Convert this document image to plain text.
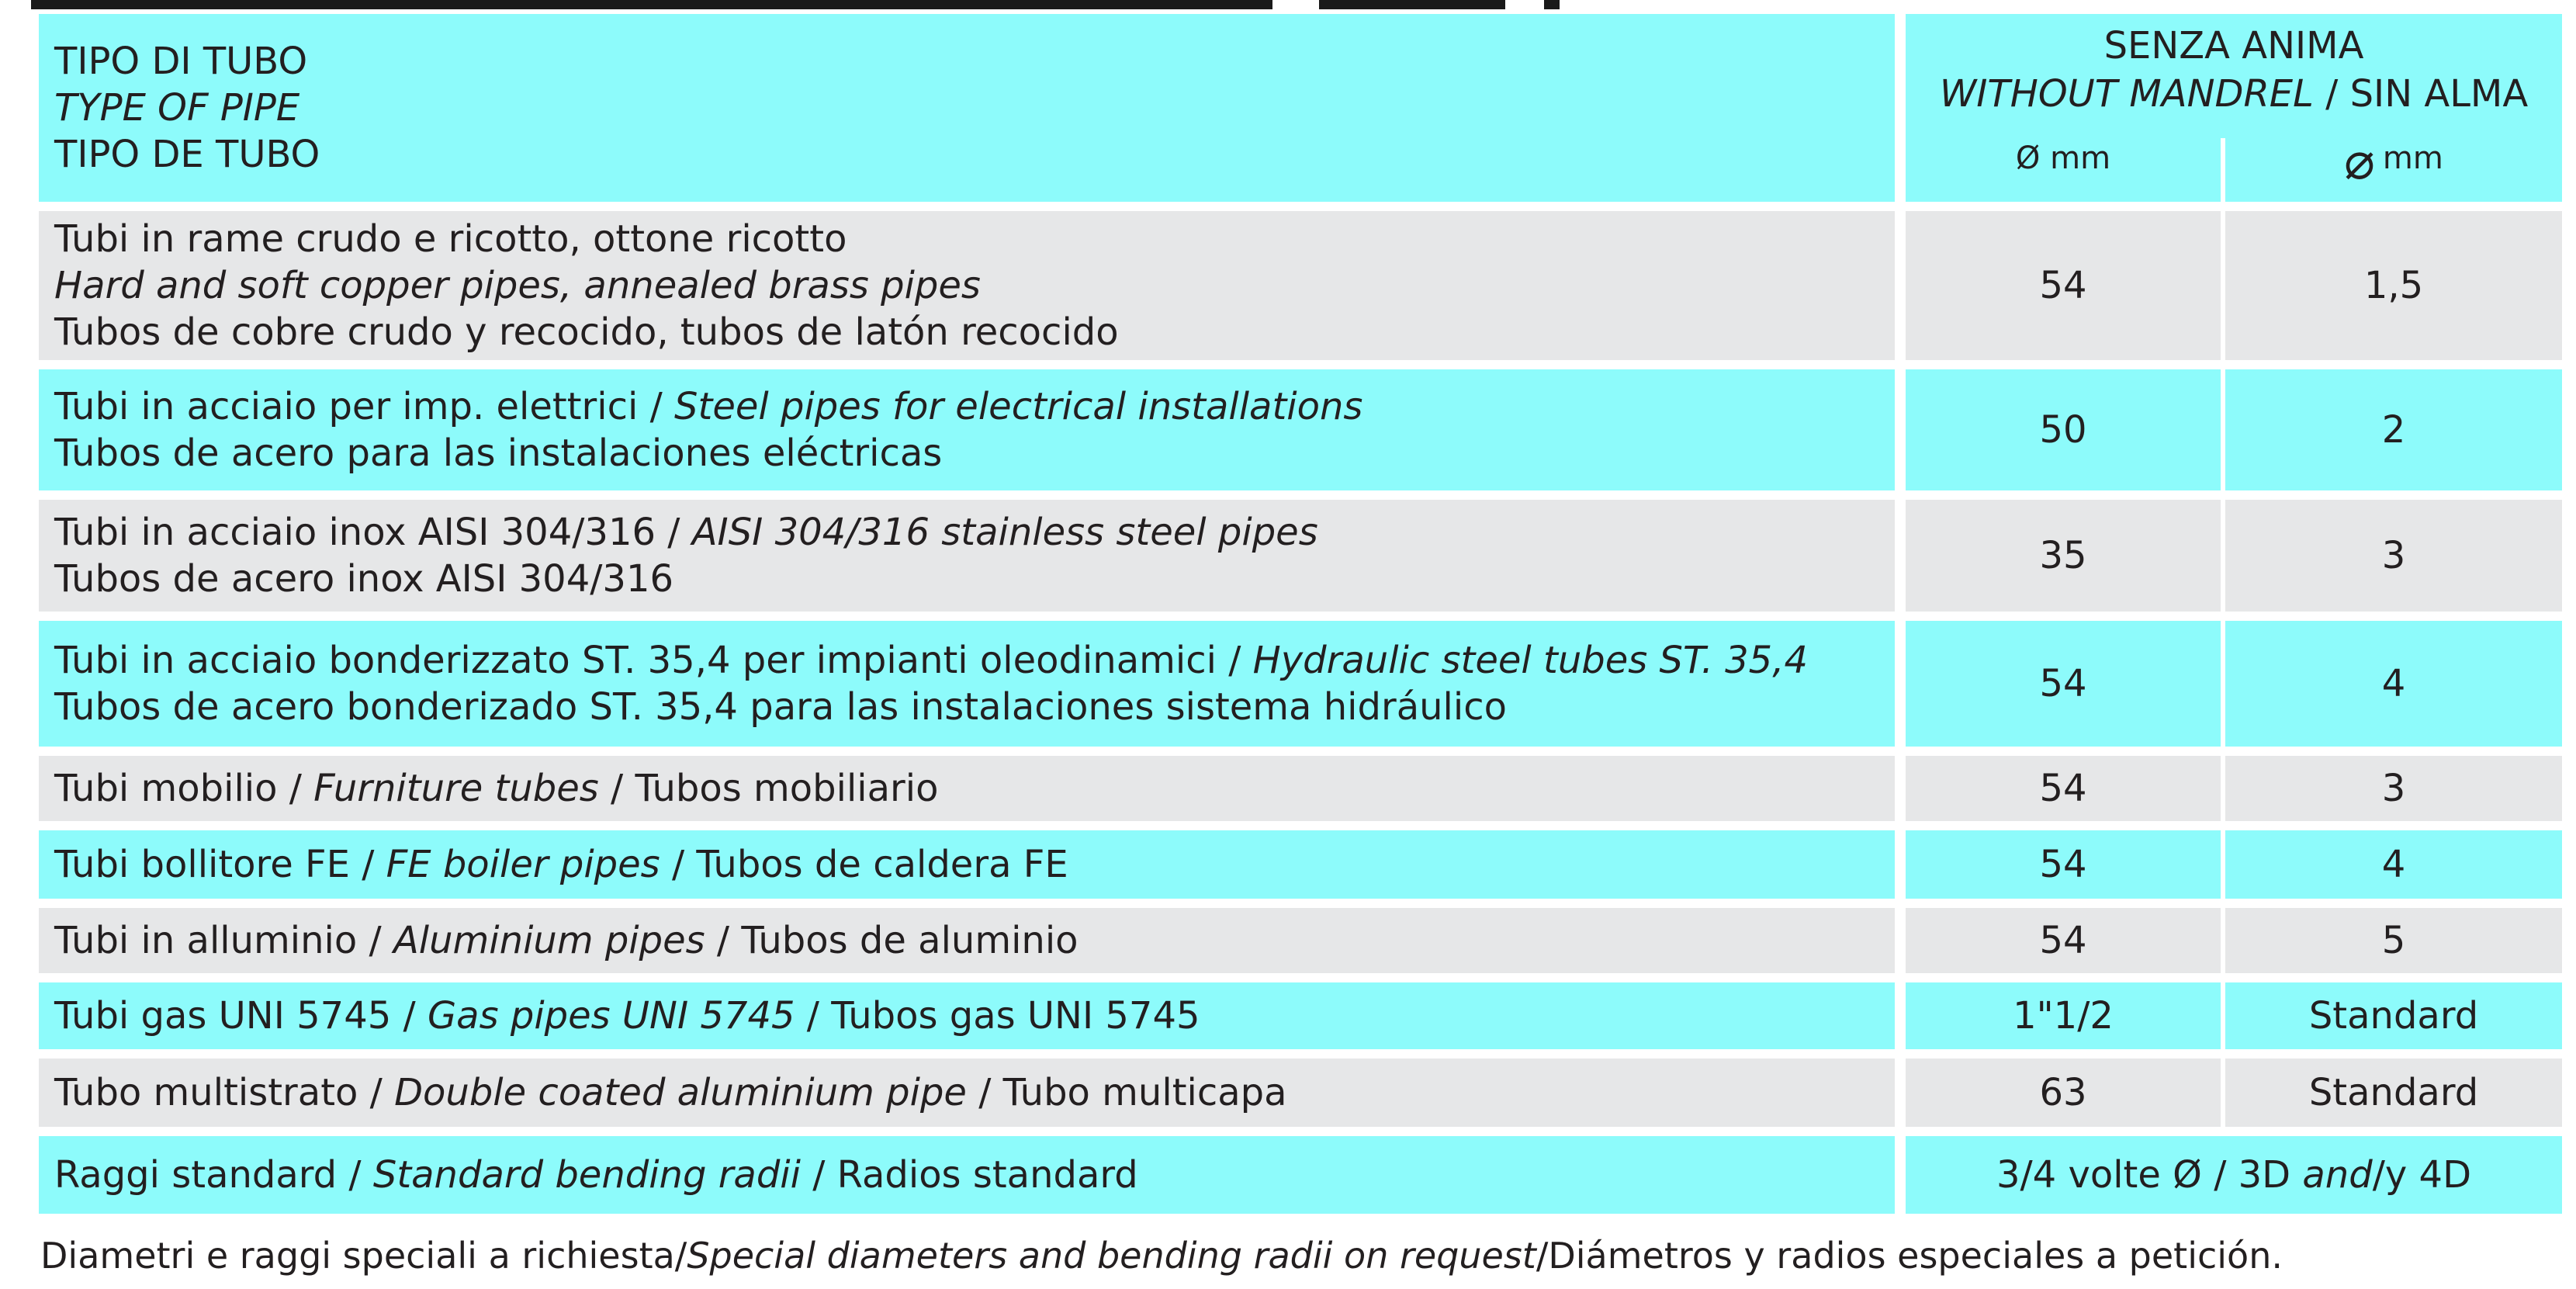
TIPO DI TUBO
TYPE OF PIPE
TIPO DE TUBO
SENZA ANIMA
WITHOUT MANDREL / SIN ALMA
Ø mm	⌀ mm
Tubi in rame crudo e ricotto, ottone ricotto
Hard and soft copper pipes, annealed brass pipes
Tubos de cobre crudo y recocido, tubos de latón recocido
54	1,5
Tubi in acciaio per imp. elettrici / Steel pipes for electrical installations
Tubos de acero para las instalaciones eléctricas
50	2
Tubi in acciaio inox AISI 304/316 / AISI 304/316 stainless steel pipes
Tubos de acero inox AISI 304/316
35	3
Tubi in acciaio bonderizzato ST. 35,4 per impianti oleodinamici / Hydraulic steel tubes ST. 35,4
Tubos de acero bonderizado ST. 35,4 para las instalaciones sistema hidráulico
54	4
Tubi mobilio / Furniture tubes / Tubos mobiliario	54	3
Tubi bollitore FE / FE boiler pipes / Tubos de caldera FE	54	4
Tubi in alluminio / Aluminium pipes / Tubos de aluminio	54	5
Tubi gas UNI 5745 / Gas pipes UNI 5745 / Tubos gas UNI 5745	1"1/2	Standard
Tubo multistrato / Double coated aluminium pipe / Tubo multicapa	63	Standard
Raggi standard / Standard bending radii / Radios standard	3/4 volte Ø / 3D and/y 4D
Diametri e raggi speciali a richiesta/Special diameters and bending radii on request/Diámetros y radios especiales a petición.
